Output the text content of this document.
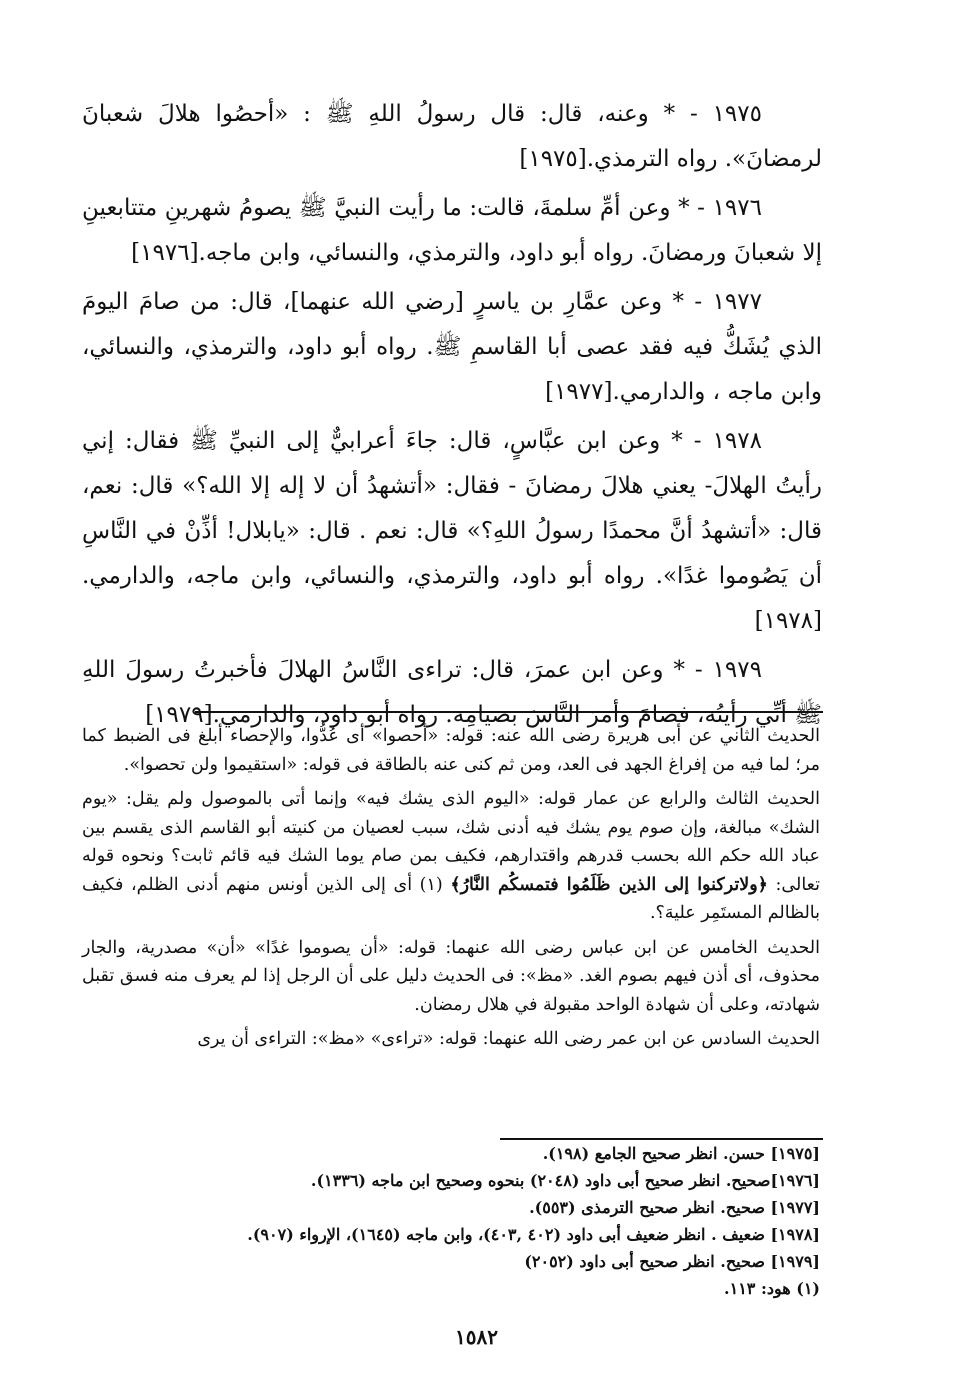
١٩٧٥ - * وعنه، قال: قال رسولُ اللهِ ﷺ : «أحصُوا هلالَ شعبانَ لرمضانَ». رواه الترمذي.[١٩٧٥]

١٩٧٦ - * وعن أمِّ سلمةَ، قالت: ما رأيت النبيَّ ﷺ يصومُ شهرينِ متتابعينِ إلا شعبانَ ورمضانَ. رواه أبو داود، والترمذي، والنسائي، وابن ماجه.[١٩٧٦]

١٩٧٧ - * وعن عمَّارِ بن ياسرٍ [رضي الله عنهما]، قال: من صامَ اليومَ الذي يُشَكُّ فيه فقد عصى أبا القاسمِ ﷺ. رواه أبو داود، والترمذي، والنسائي، وابن ماجه ، والدارمي.[١٩٧٧]

١٩٧٨ - * وعن ابن عبَّاسٍ، قال: جاءَ أعرابيٌّ إلى النبيِّ ﷺ فقال: إني رأيتُ الهلالَ- يعني هلالَ رمضانَ - فقال: «أتشهدُ أن لا إله إلا الله؟» قال: نعم، قال: «أتشهدُ أنَّ محمدًا رسولُ اللهِ؟» قال: نعم . قال: «يابلال! أذِّنْ في النَّاسِ أن يَصُوموا غدًا». رواه أبو داود، والترمذي، والنسائي، وابن ماجه، والدارمي.[١٩٧٨]

١٩٧٩ - * وعن ابن عمرَ، قال: تراءى النَّاسُ الهلالَ فأخبرتُ رسولَ اللهِ ﷺ أنِّي رأيتُه، فصامَ وأمرَ النَّاسَ بصيامِه. رواه أبو داود، والدارمي.[١٩٧٩]

الحديث الثاني عن أبى هريرة رضى الله عنه: قوله: «أحصوا» أى عُدُّوا، والإحصاء أبلغ فى الضبط كما مر؛ لما فيه من إفراغ الجهد فى العد، ومن ثم كنى عنه بالطاقة فى قوله: «استقيموا ولن تحصوا».

الحديث الثالث والرابع عن عمار قوله: «اليوم الذى يشك فيه» وإنما أتى بالموصول ولم يقل: «يوم الشك» مبالغة، وإن صوم يوم يشك فيه أدنى شك، سبب لعصيان من كنيته أبو القاسم الذى يقسم بين عباد الله حكم الله بحسب قدرهم واقتدارهم، فكيف بمن صام يوما الشك فيه قائم ثابت؟ ونحوه قوله تعالى: ﴿ولاتركنوا إلى الذين ظَلَمُوا فتمسكُم النَّارُ﴾ (١) أى إلى الذين أونس منهم أدنى الظلم، فكيف بالظالم المستَمِر عليهَ؟.

الحديث الخامس عن ابن عباس رضى الله عنهما: قوله: «أن يصوموا غدًا» «أن» مصدرية، والجار محذوف، أى أذن فيهم بصوم الغد. «مظ»: فى الحديث دليل على أن الرجل إذا لم يعرف منه فسق تقبل شهادته، وعلى أن شهادة الواحد مقبولة في هلال رمضان.

الحديث السادس عن ابن عمر رضى الله عنهما: قوله: «تراءى» «مظ»: التراءى أن يرى

[١٩٧٥] حسن. انظر صحيح الجامع (١٩٨).
[١٩٧٦]صحيح. انظر صحيح أبى داود (٢٠٤٨) بنحوه وصحيح ابن ماجه (١٣٣٦).
[١٩٧٧] صحيح. انظر صحيح الترمذى (٥٥٣).
[١٩٧٨] ضعيف . انظر ضعيف أبى داود (٤٠٢ ,٤٠٣)، وابن ماجه (١٦٤٥)، الإرواء (٩٠٧).
[١٩٧٩] صحيح. انظر صحيح أبى داود (٢٠٥٢)
(١) هود: ١١٣.
١٥٨٢
